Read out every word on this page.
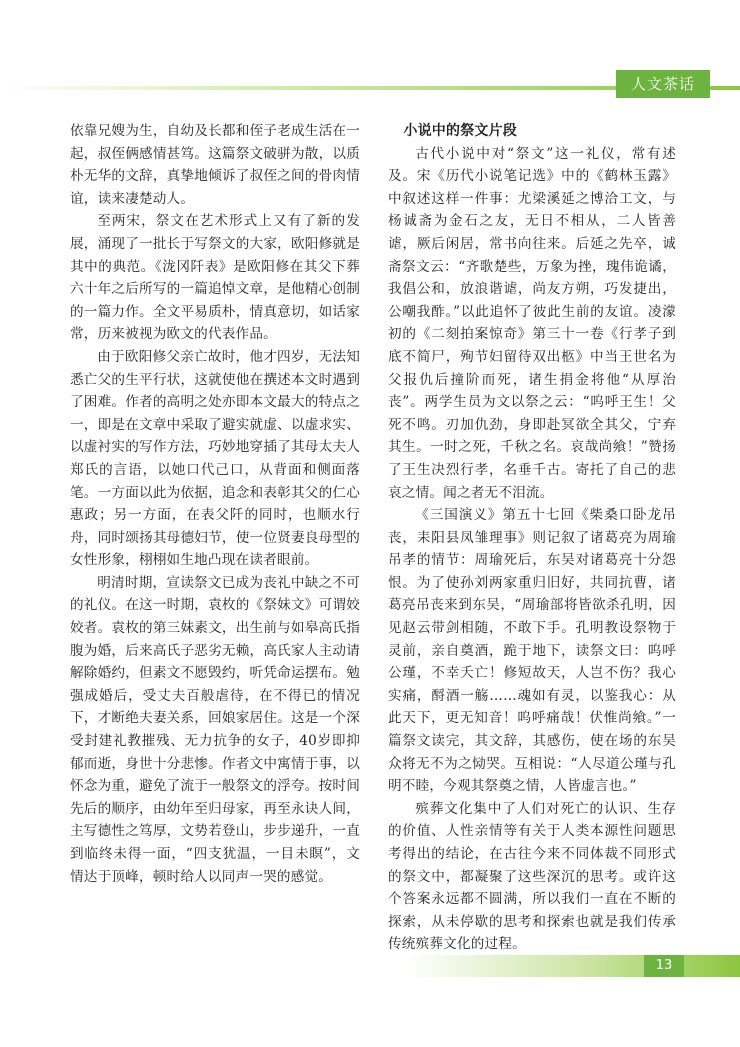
人文茶话

依靠兄嫂为生，自幼及长都和侄子老成生活在一起，叔侄俩感情甚笃。这篇祭文破骈为散，以质朴无华的文辞，真挚地倾诉了叔侄之间的骨肉情谊，读来凄楚动人。

至两宋，祭文在艺术形式上又有了新的发展，涌现了一批长于写祭文的大家，欧阳修就是其中的典范。《泷冈阡表》是欧阳修在其父下葬六十年之后所写的一篇追悼文章，是他精心创制的一篇力作。全文平易质朴，情真意切，如话家常，历来被视为欧文的代表作品。

由于欧阳修父亲亡故时，他才四岁，无法知悉亡父的生平行状，这就使他在撰述本文时遇到了困难。作者的高明之处亦即本文最大的特点之一，即是在文章中采取了避实就虚、以虚求实、以虚衬实的写作方法，巧妙地穿插了其母太夫人郑氏的言语，以她口代己口，从背面和侧面落笔。一方面以此为依据，追念和表彰其父的仁心惠政；另一方面，在表父阡的同时，也顺水行舟，同时颂扬其母德妇节，使一位贤妻良母型的女性形象，栩栩如生地凸现在读者眼前。

明清时期，宣读祭文已成为丧礼中缺之不可的礼仪。在这一时期，袁枚的《祭妹文》可谓姣姣者。袁枚的第三妹素文，出生前与如皋高氏指腹为婚，后来高氏子恶劣无赖，高氏家人主动请解除婚约，但素文不愿毁约，听凭命运摆布。勉强成婚后，受丈夫百般虐待，在不得已的情况下，才断绝夫妻关系，回娘家居住。这是一个深受封建礼教摧残、无力抗争的女子，40岁即抑郁而逝，身世十分悲惨。作者文中寓情于事，以怀念为重，避免了流于一般祭文的浮夸。按时间先后的顺序，由幼年至归母家，再至永诀人间，主写德性之笃厚，文势若登山，步步递升，一直到临终未得一面，“四支犹温，一目未瞑”，文情达于顶峰，顿时给人以同声一哭的感觉。

小说中的祭文片段

古代小说中对“祭文”这一礼仪，常有述及。宋《历代小说笔记选》中的《鹤林玉露》中叙述这样一件事：尤梁溪延之博洽工文，与杨诚斋为金石之友，无日不相从，二人皆善谑，厥后闲居，常书向往来。后延之先卒，诚斋祭文云：“齐歌楚些，万象为挫，瑰伟诡谲，我倡公和，放浪谐谑，尚友方朔，巧发捷出，公嘲我酢。”以此追怀了彼此生前的友谊。凌濛初的《二刻拍案惊奇》第三十一卷《行孝子到底不简尸，殉节妇留待双出柩》中当王世名为父报仇后撞阶而死，诸生捐金将他“从厚治丧”。两学生员为文以祭之云：“呜呼王生！父死不鸣。刃加仇劲，身即赴冥欲全其父，宁弃其生。一时之死，千秋之名。哀哉尚飨！”赞扬了王生决烈行孝，名垂千古。寄托了自己的悲哀之情。闻之者无不泪流。

《三国演义》第五十七回《柴桑口卧龙吊丧，耒阳县凤雏理事》则记叙了诸葛亮为周瑜吊孝的情节：周瑜死后，东吴对诸葛亮十分怨恨。为了使孙刘两家重归旧好，共同抗曹，诸葛亮吊丧来到东吴，“周瑜部将皆欲杀孔明，因见赵云带剑相随，不敢下手。孔明教设祭物于灵前，亲自奠酒，跪于地下，读祭文曰：呜呼公瑾，不幸夭亡！修短故天，人岂不伤？我心实痛，酹酒一觞……魂如有灵，以鉴我心：从此天下，更无知音！呜呼痛哉！伏惟尚飨。”一篇祭文读完，其文辞，其感伤，使在场的东吴众将无不为之恸哭。互相说：“人尽道公瑾与孔明不睦，今观其祭奠之情，人皆虚言也。”

殡葬文化集中了人们对死亡的认识、生存的价值、人性亲情等有关于人类本源性问题思考得出的结论，在古往今来不同体裁不同形式的祭文中，都凝聚了这些深沉的思考。或许这个答案永远都不圆满，所以我们一直在不断的探索，从未停歇的思考和探索也就是我们传承传统殡葬文化的过程。

13
